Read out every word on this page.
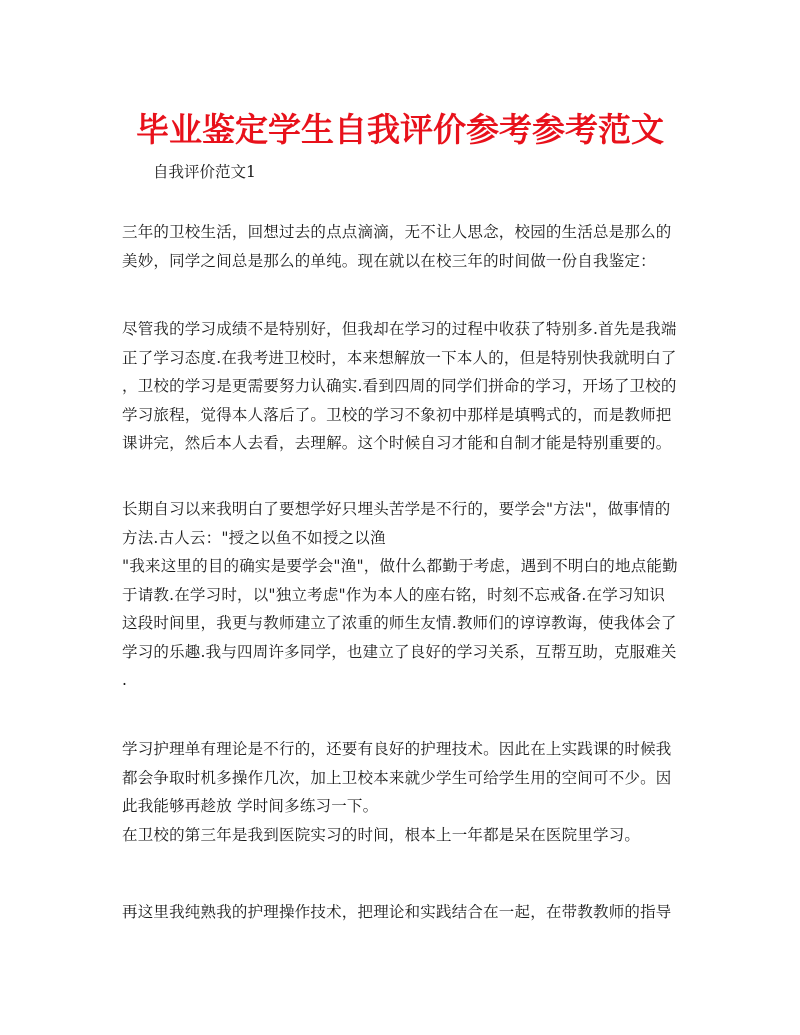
毕业鉴定学生自我评价参考参考范文

自我评价范文1

三年的卫校生活，回想过去的点点滴滴，无不让人思念，校园的生活总是那么的
美妙，同学之间总是那么的单纯。现在就以在校三年的时间做一份自我鉴定：
尽管我的学习成绩不是特别好，但我却在学习的过程中收获了特别多.首先是我端
正了学习态度.在我考进卫校时，本来想解放一下本人的，但是特别快我就明白了
，卫校的学习是更需要努力认确实.看到四周的同学们拼命的学习，开场了卫校的
学习旅程，觉得本人落后了。卫校的学习不象初中那样是填鸭式的，而是教师把
课讲完，然后本人去看，去理解。这个时候自习才能和自制才能是特别重要的。
长期自习以来我明白了要想学好只埋头苦学是不行的，要学会"方法"，做事情的
方法.古人云："授之以鱼不如授之以渔
"我来这里的目的确实是要学会"渔"，做什么都勤于考虑，遇到不明白的地点能勤
于请教.在学习时，以"独立考虑"作为本人的座右铭，时刻不忘戒备.在学习知识
这段时间里，我更与教师建立了浓重的师生友情.教师们的谆谆教诲，使我体会了
学习的乐趣.我与四周许多同学，也建立了良好的学习关系，互帮互助，克服难关
.
学习护理单有理论是不行的，还要有良好的护理技术。因此在上实践课的时候我
都会争取时机多操作几次，加上卫校本来就少学生可给学生用的空间可不少。因
此我能够再趁放 学时间多练习一下。
在卫校的第三年是我到医院实习的时间，根本上一年都是呆在医院里学习。
再这里我纯熟我的护理操作技术，把理论和实践结合在一起，在带教教师的指导
